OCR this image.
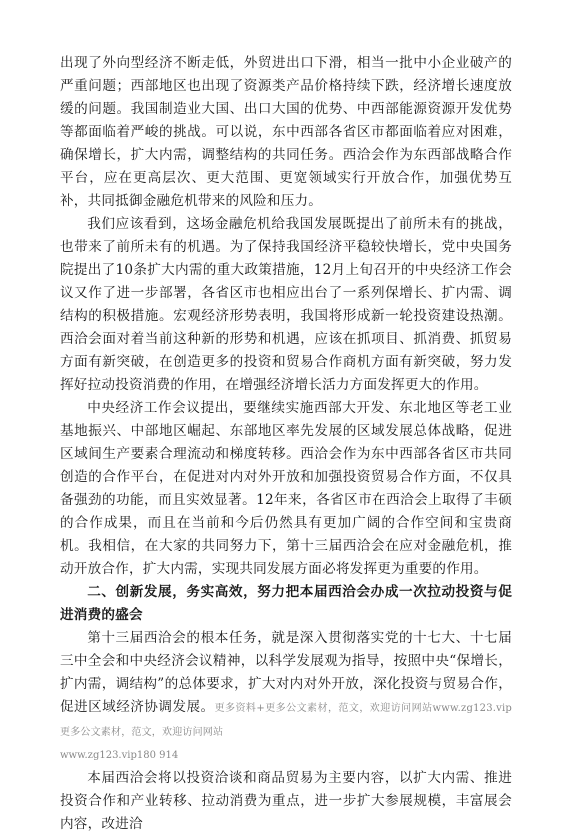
出现了外向型经济不断走低，外贸进出口下滑，相当一批中小企业破产的严重问题；西部地区也出现了资源类产品价格持续下跌，经济增长速度放缓的问题。我国制造业大国、出口大国的优势、中西部能源资源开发优势等都面临着严峻的挑战。可以说，东中西部各省区市都面临着应对困难，确保增长，扩大内需，调整结构的共同任务。西洽会作为东西部战略合作平台，应在更高层次、更大范围、更宽领域实行开放合作，加强优势互补，共同抵御金融危机带来的风险和压力。

我们应该看到，这场金融危机给我国发展既提出了前所未有的挑战，也带来了前所未有的机遇。为了保持我国经济平稳较快增长，党中央国务院提出了10条扩大内需的重大政策措施，12月上旬召开的中央经济工作会议又作了进一步部署，各省区市也相应出台了一系列保增长、扩内需、调结构的积极措施。宏观经济形势表明，我国将形成新一轮投资建设热潮。西洽会面对着当前这种新的形势和机遇，应该在抓项目、抓消费、抓贸易方面有新突破，在创造更多的投资和贸易合作商机方面有新突破，努力发挥好拉动投资消费的作用，在增强经济增长活力方面发挥更大的作用。

中央经济工作会议提出，要继续实施西部大开发、东北地区等老工业基地振兴、中部地区崛起、东部地区率先发展的区域发展总体战略，促进区域间生产要素合理流动和梯度转移。西洽会作为东中西部各省区市共同创造的合作平台，在促进对内对外开放和加强投资贸易合作方面，不仅具备强劲的功能，而且实效显著。12年来，各省区市在西洽会上取得了丰硕的合作成果，而且在当前和今后仍然具有更加广阔的合作空间和宝贵商机。我相信，在大家的共同努力下，第十三届西洽会在应对金融危机，推动开放合作，扩大内需，实现共同发展方面必将发挥更为重要的作用。

二、创新发展，务实高效，努力把本届西洽会办成一次拉动投资与促进消费的盛会

第十三届西洽会的根本任务，就是深入贯彻落实党的十七大、十七届三中全会和中央经济会议精神，以科学发展观为指导，按照中央“保增长，扩内需，调结构”的总体要求，扩大对内对外开放，深化投资与贸易合作，促进区域经济协调发展。更多资料+更多公文素材，范文，欢迎访问网站www.zg123.vip 更多公文素材，范文，欢迎访问网站

www.zg123.vip180 914

本届西洽会将以投资洽谈和商品贸易为主要内容，以扩大内需、推进投资合作和产业转移、拉动消费为重点，进一步扩大参展规模，丰富展会内容，改进洽
